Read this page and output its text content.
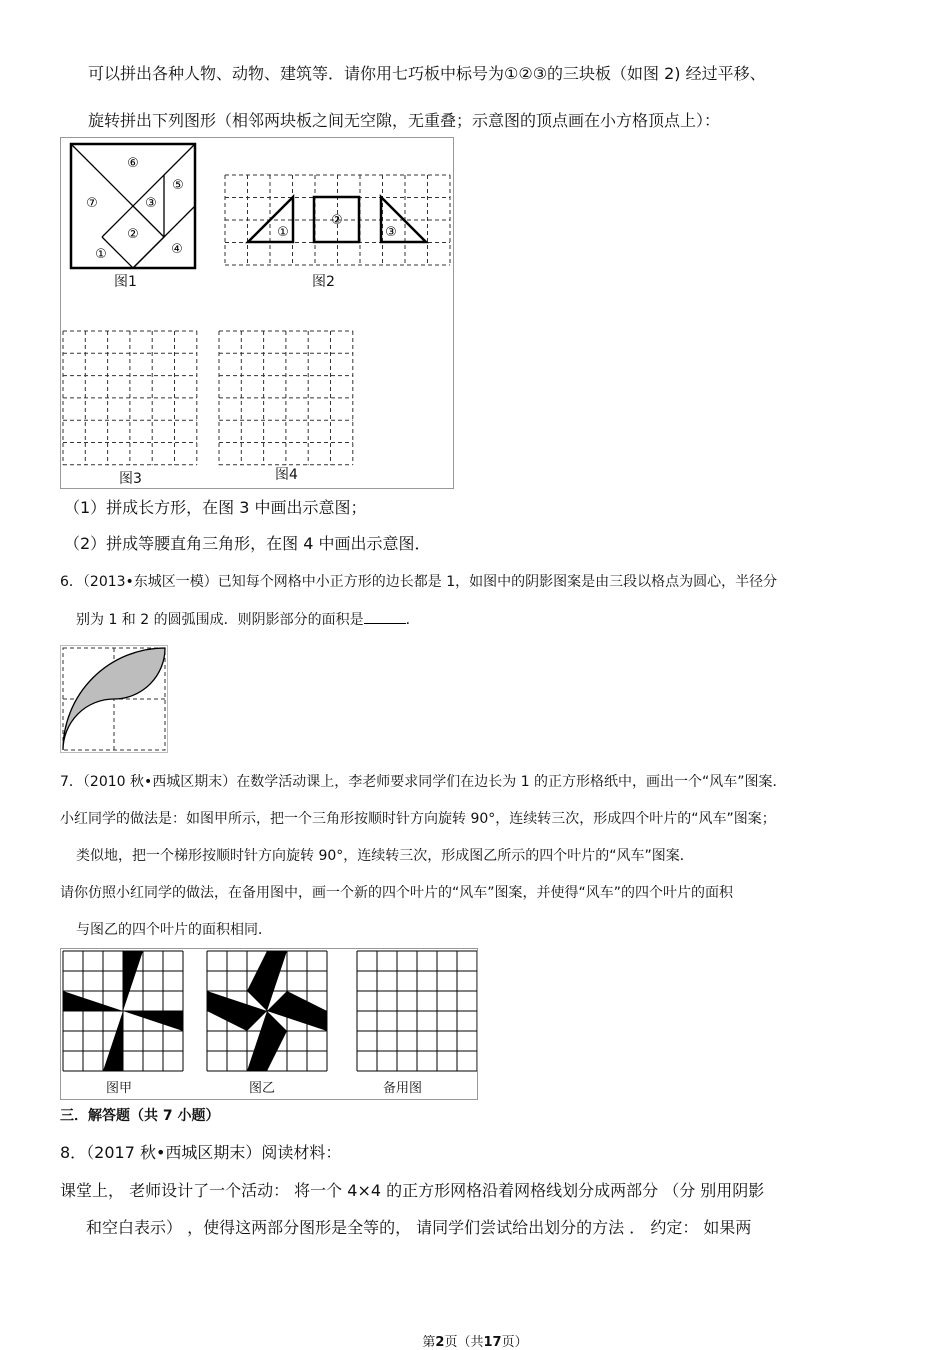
可以拼出各种人物、动物、建筑等．请你用七巧板中标号为①②③的三块板（如图 2) 经过平移、
旋转拼出下列图形（相邻两块板之间无空隙，无重叠；示意图的顶点画在小方格顶点上）：
⑥
⑤
⑦	③
②
④
①
①
②
③
图1	图2
图3	图4
（1）拼成长方形，在图 3 中画出示意图；
（2）拼成等腰直角三角形，在图 4 中画出示意图．
6．（2013•东城区一模）已知每个网格中小正方形的边长都是 1，如图中的阴影图案是由三段以格点为圆心，半径分
别为 1 和 2 的圆弧围成．则阴影部分的面积是	．
7．（2010 秋•西城区期末）在数学活动课上，李老师要求同学们在边长为 1 的正方形格纸中，画出一个“风车”图案．
小红同学的做法是：如图甲所示，把一个三角形按顺时针方向旋转 90°，连续转三次，形成四个叶片的“风车”图案；
类似地，把一个梯形按顺时针方向旋转 90°，连续转三次，形成图乙所示的四个叶片的“风车”图案．
请你仿照小红同学的做法，在备用图中，画一个新的四个叶片的“风车”图案，并使得“风车”的四个叶片的面积
与图乙的四个叶片的面积相同．
图甲	图乙	备用图
三．解答题（共 7 小题）
8．（2017 秋•西城区期末）阅读材料：
课堂上， 老师设计了一个活动： 将一个 4×4 的正方形网格沿着网格线划分成两部分 （分 别用阴影
和空白表示） ，使得这两部分图形是全等的， 请同学们尝试给出划分的方法 ． 约定： 如果两
第2页（共17页）
